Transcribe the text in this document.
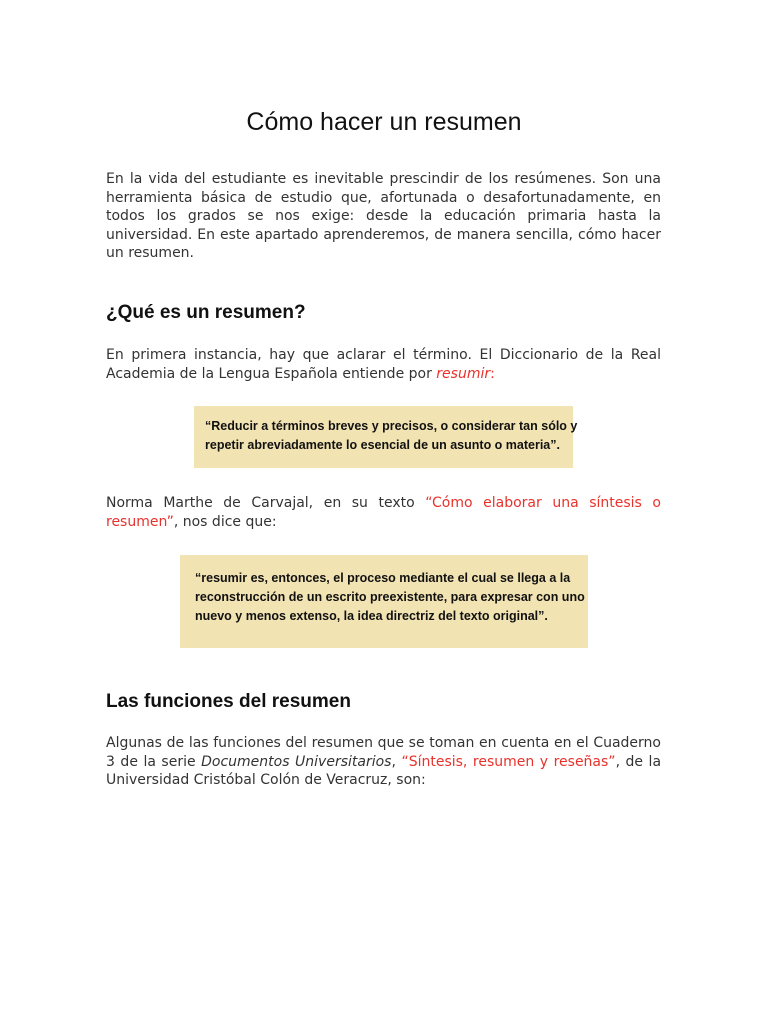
Cómo hacer un resumen

En la vida del estudiante es inevitable prescindir de los resúmenes. Son una herramienta básica de estudio que, afortunada o desafortunadamente, en todos los grados se nos exige: desde la educación primaria hasta la universidad. En este apartado aprenderemos, de manera sencilla, cómo hacer un resumen.

¿Qué es un resumen?

En primera instancia, hay que aclarar el término. El Diccionario de la Real Academia de la Lengua Española entiende por resumir:

“Reducir a términos breves y precisos, o considerar tan sólo y
repetir abreviadamente lo esencial de un asunto o materia”.

Norma Marthe de Carvajal, en su texto “Cómo elaborar una síntesis o resumen”, nos dice que:

“resumir es, entonces, el proceso mediante el cual se llega a la
reconstrucción de un escrito preexistente, para expresar con uno
nuevo y menos extenso, la idea directriz del texto original”.
Las funciones del resumen

Algunas de las funciones del resumen que se toman en cuenta en el Cuaderno 3 de la serie Documentos Universitarios, “Síntesis, resumen y reseñas”, de la Universidad Cristóbal Colón de Veracruz, son:
